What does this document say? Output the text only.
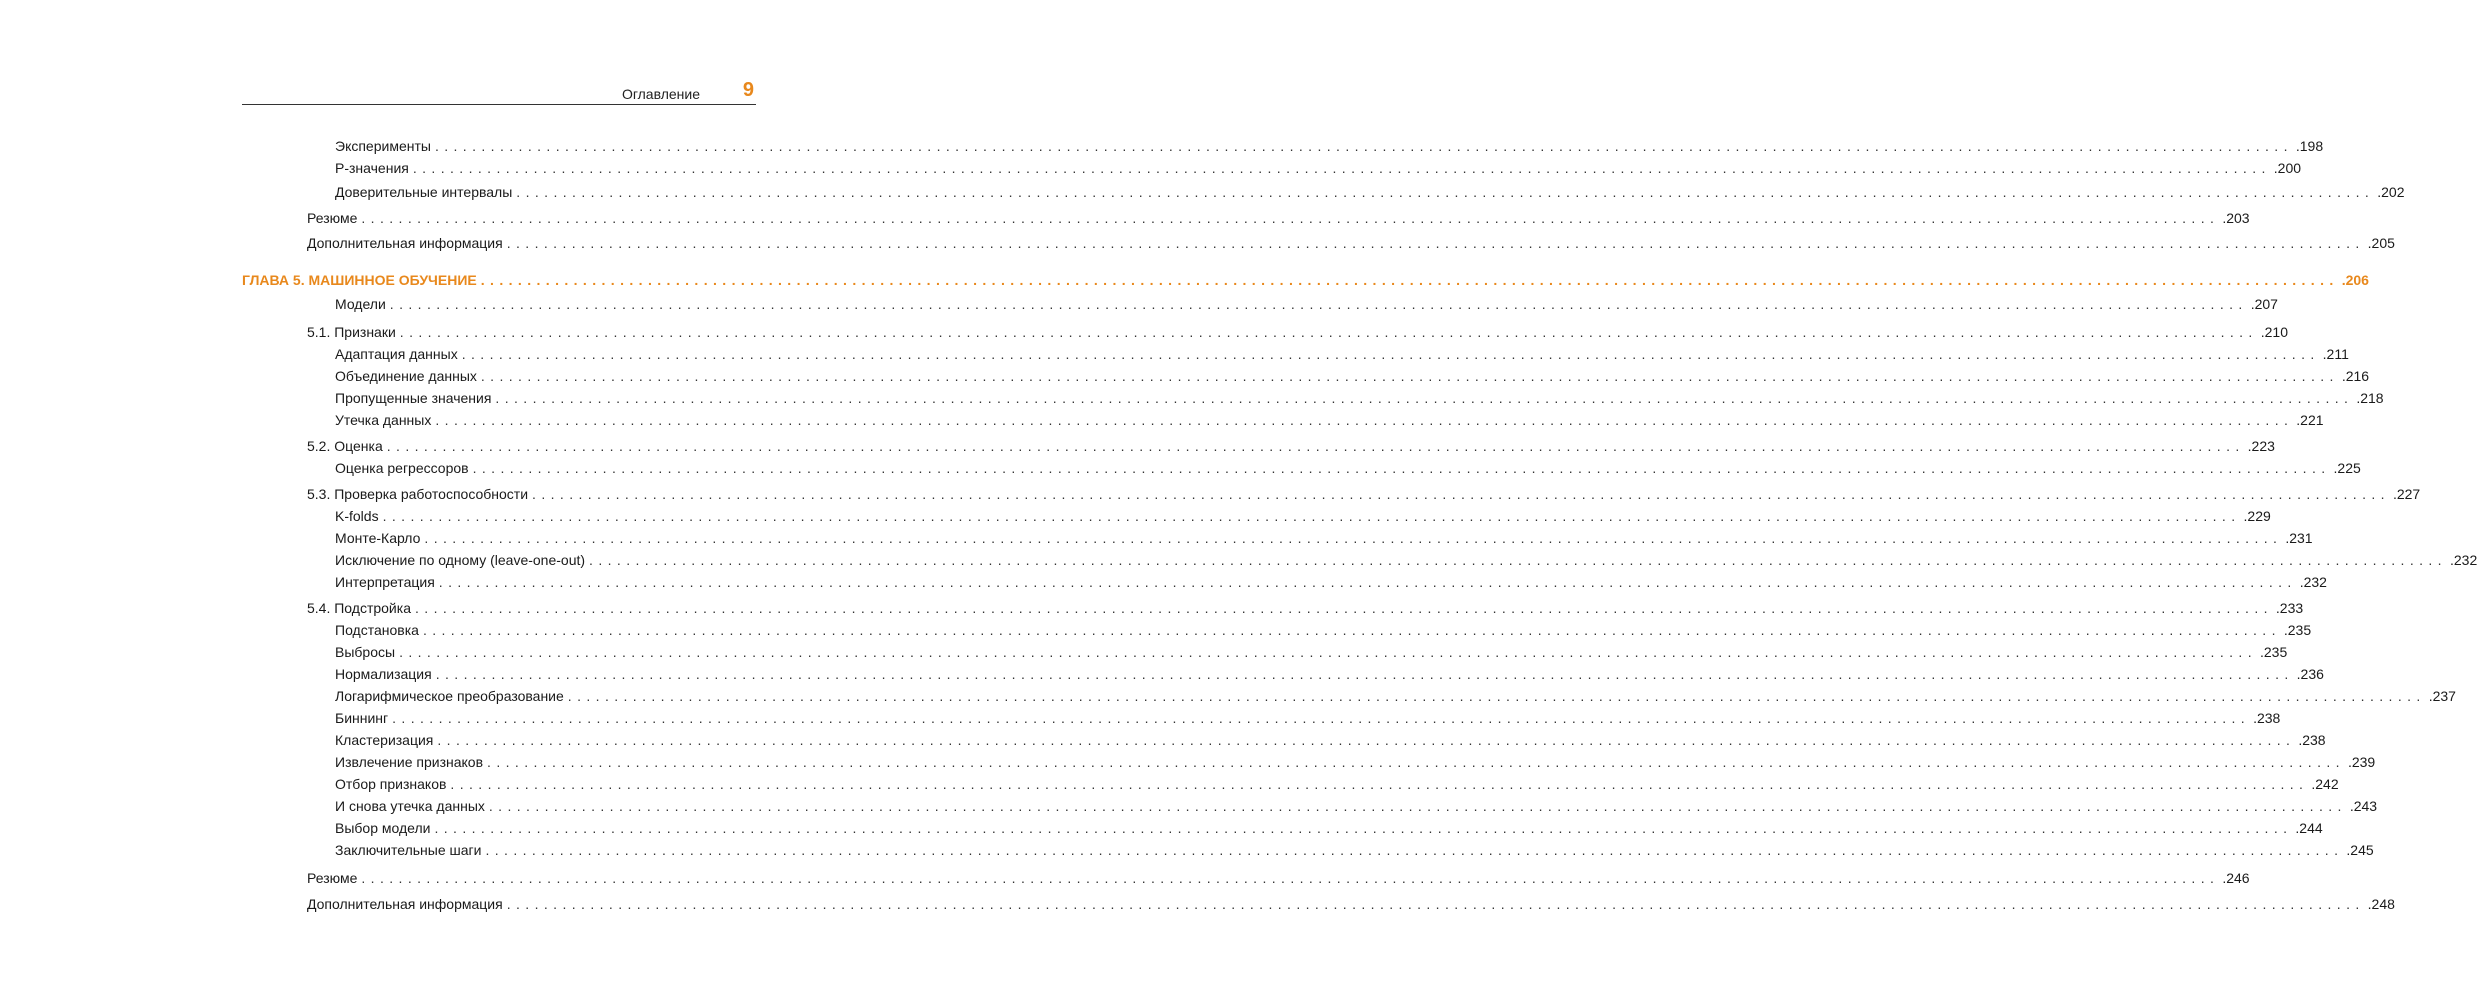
Оглавление 9
Эксперименты ........................................................................................................................................................................................................ .198
P-значения ........................................................................................................................................................................................................ .200
Доверительные интервалы ........................................................................................................................................................................................................ .202
Резюме ........................................................................................................................................................................................................ .203
Дополнительная информация ........................................................................................................................................................................................................ .205
ГЛАВА 5. МАШИННОЕ ОБУЧЕНИЕ ........................................................................................................................................................................................................ .206
Модели ........................................................................................................................................................................................................ .207
5.1. Признаки ........................................................................................................................................................................................................ .210
Адаптация данных ........................................................................................................................................................................................................ .211
Объединение данных ........................................................................................................................................................................................................ .216
Пропущенные значения ........................................................................................................................................................................................................ .218
Утечка данных ........................................................................................................................................................................................................ .221
5.2. Оценка ........................................................................................................................................................................................................ .223
Оценка регрессоров ........................................................................................................................................................................................................ .225
5.3. Проверка работоспособности ........................................................................................................................................................................................................ .227
K-folds ........................................................................................................................................................................................................ .229
Монте-Карло ........................................................................................................................................................................................................ .231
Исключение по одному (leave-one-out) ........................................................................................................................................................................................................ .232
Интерпретация ........................................................................................................................................................................................................ .232
5.4. Подстройка ........................................................................................................................................................................................................ .233
Подстановка ........................................................................................................................................................................................................ .235
Выбросы ........................................................................................................................................................................................................ .235
Нормализация ........................................................................................................................................................................................................ .236
Логарифмическое преобразование ........................................................................................................................................................................................................ .237
Биннинг ........................................................................................................................................................................................................ .238
Кластеризация ........................................................................................................................................................................................................ .238
Извлечение признаков ........................................................................................................................................................................................................ .239
Отбор признаков ........................................................................................................................................................................................................ .242
И снова утечка данных ........................................................................................................................................................................................................ .243
Выбор модели ........................................................................................................................................................................................................ .244
Заключительные шаги ........................................................................................................................................................................................................ .245
Резюме ........................................................................................................................................................................................................ .246
Дополнительная информация ........................................................................................................................................................................................................ .248
